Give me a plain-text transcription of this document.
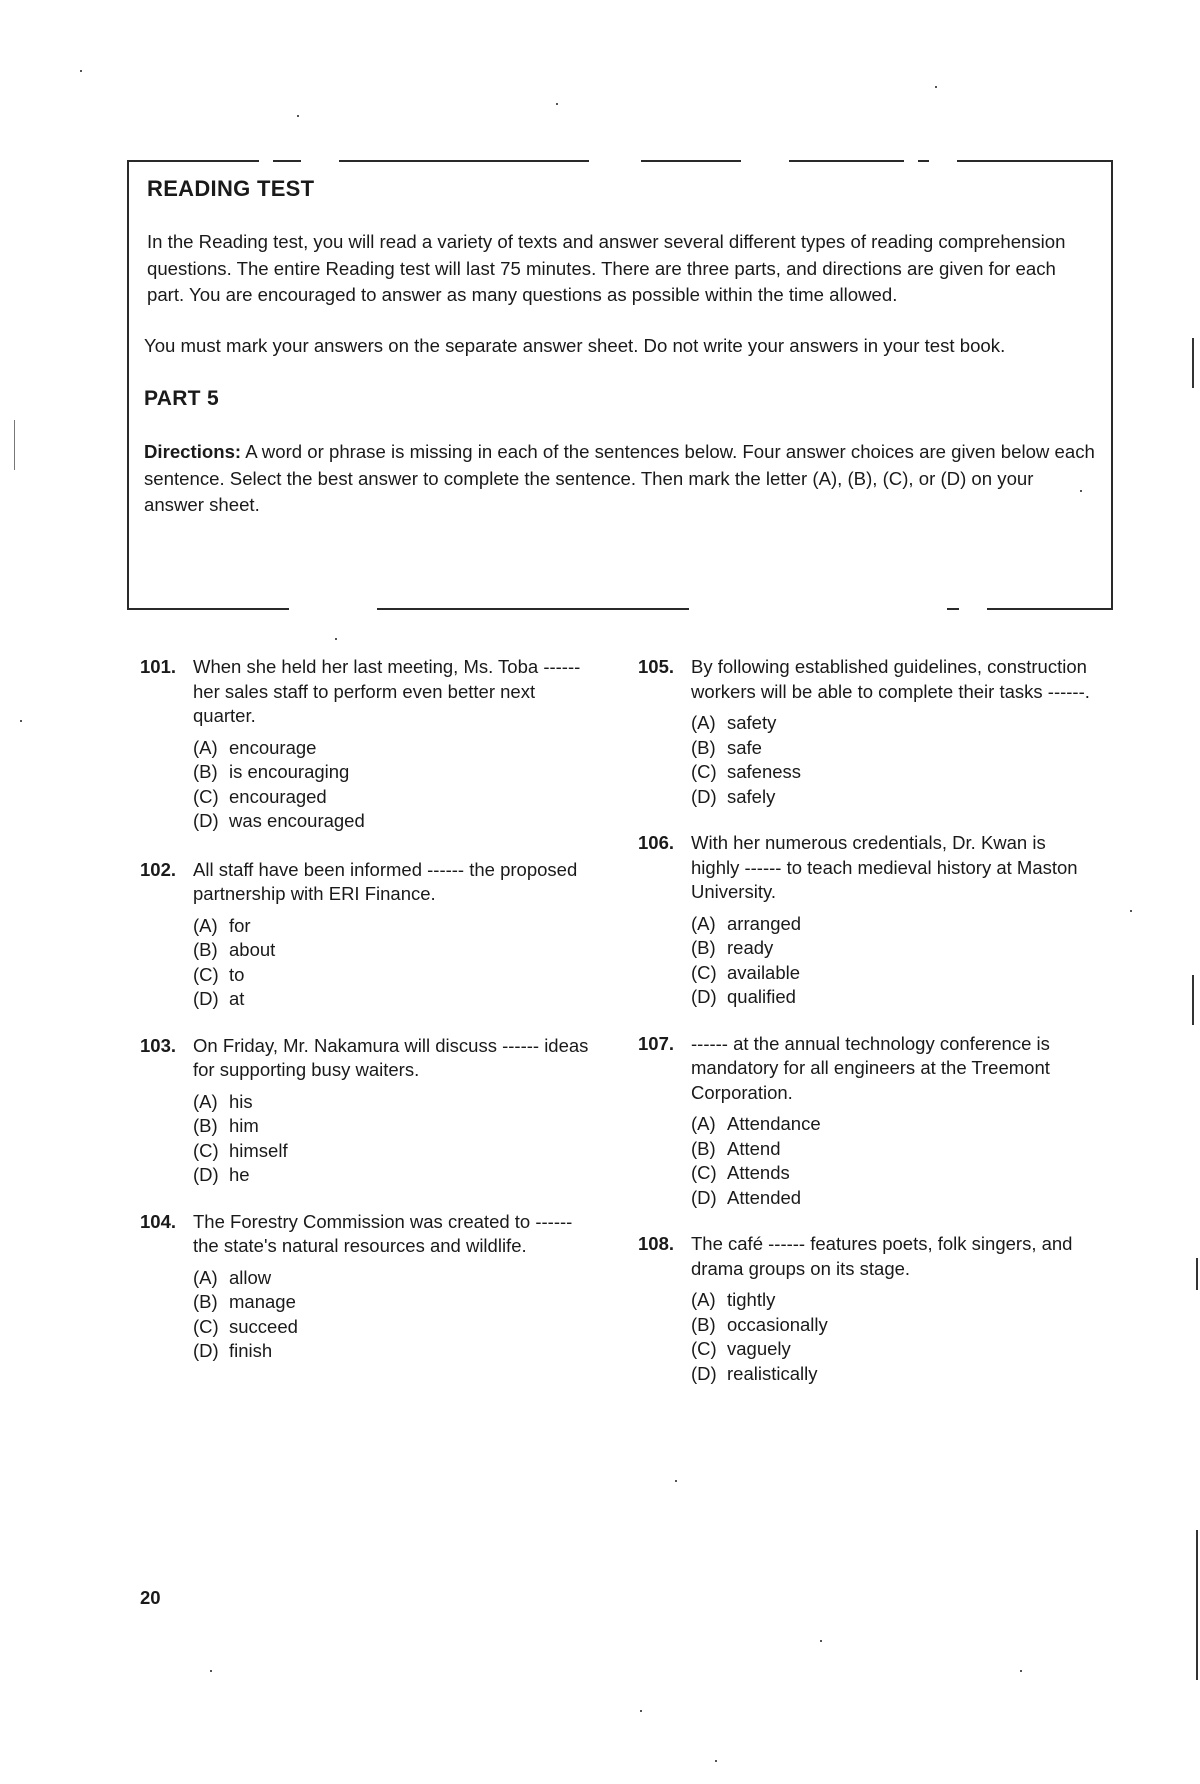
READING TEST

In the Reading test, you will read a variety of texts and answer several different types of reading comprehension questions. The entire Reading test will last 75 minutes. There are three parts, and directions are given for each part. You are encouraged to answer as many questions as possible within the time allowed.

You must mark your answers on the separate answer sheet. Do not write your answers in your test book.

PART 5

Directions: A word or phrase is missing in each of the sentences below. Four answer choices are given below each sentence. Select the best answer to complete the sentence. Then mark the letter (A), (B), (C), or (D) on your answer sheet.

101. When she held her last meeting, Ms. Toba ------ her sales staff to perform even better next quarter.
(A) encourage
(B) is encouraging
(C) encouraged
(D) was encouraged
102. All staff have been informed ------ the proposed partnership with ERI Finance.
(A) for
(B) about
(C) to
(D) at
103. On Friday, Mr. Nakamura will discuss ------ ideas for supporting busy waiters.
(A) his
(B) him
(C) himself
(D) he
104. The Forestry Commission was created to ------ the state's natural resources and wildlife.
(A) allow
(B) manage
(C) succeed
(D) finish
105. By following established guidelines, construction workers will be able to complete their tasks ------.
(A) safety
(B) safe
(C) safeness
(D) safely
106. With her numerous credentials, Dr. Kwan is highly ------ to teach medieval history at Maston University.
(A) arranged
(B) ready
(C) available
(D) qualified
107. ------ at the annual technology conference is mandatory for all engineers at the Treemont Corporation.
(A) Attendance
(B) Attend
(C) Attends
(D) Attended
108. The café ------ features poets, folk singers, and drama groups on its stage.
(A) tightly
(B) occasionally
(C) vaguely
(D) realistically
20
